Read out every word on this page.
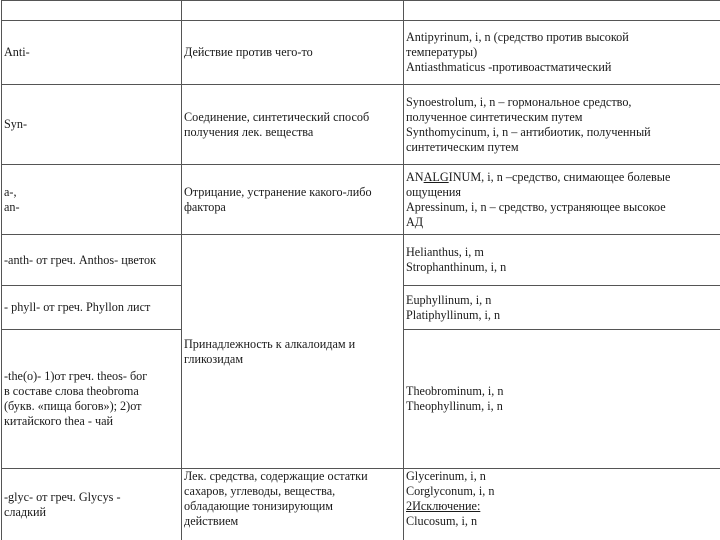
Anti-	Действие против чего-то	Antipyrinum, i, n (средство против высокой
температуры)
Antiasthmaticus -противоастматический

Syn-	Соединение, синтетический способ
получения лек. вещества	Synoestrolum, i, n – гормональное средство,
полученное синтетическим путем
Synthomycinum, i, n – антибиотик, полученный
синтетическим путем

a-,
an-	Отрицание, устранение какого-либо
фактора	ANALGINUM, i, n –средство, снимающее болевые
ощущения
Apressinum, i, n – средство, устраняющее высокое
АД

-anth- от греч. Anthos- цветок	Принадлежность к алкалоидам и
гликозидам	Helianthus, i, m
Strophanthinum, i, n

- phyll- от греч. Phyllon лист		Euphyllinum, i, n
Platiphyllinum, i, n

-the(o)- 1)от греч. theos- бог
в составе слова theobroma
(букв. «пища богов»); 2)от
китайского thea - чай		Theobrominum, i, n
Theophyllinum, i, n

-glyc- от греч. Glycys -
сладкий	Лек. средства, содержащие остатки
сахаров, углеводы, вещества,
обладающие тонизирующим
действием	Glycerinum, i, n
Corglyconum, i, n
2Исключение:
Clucosum, i, n
